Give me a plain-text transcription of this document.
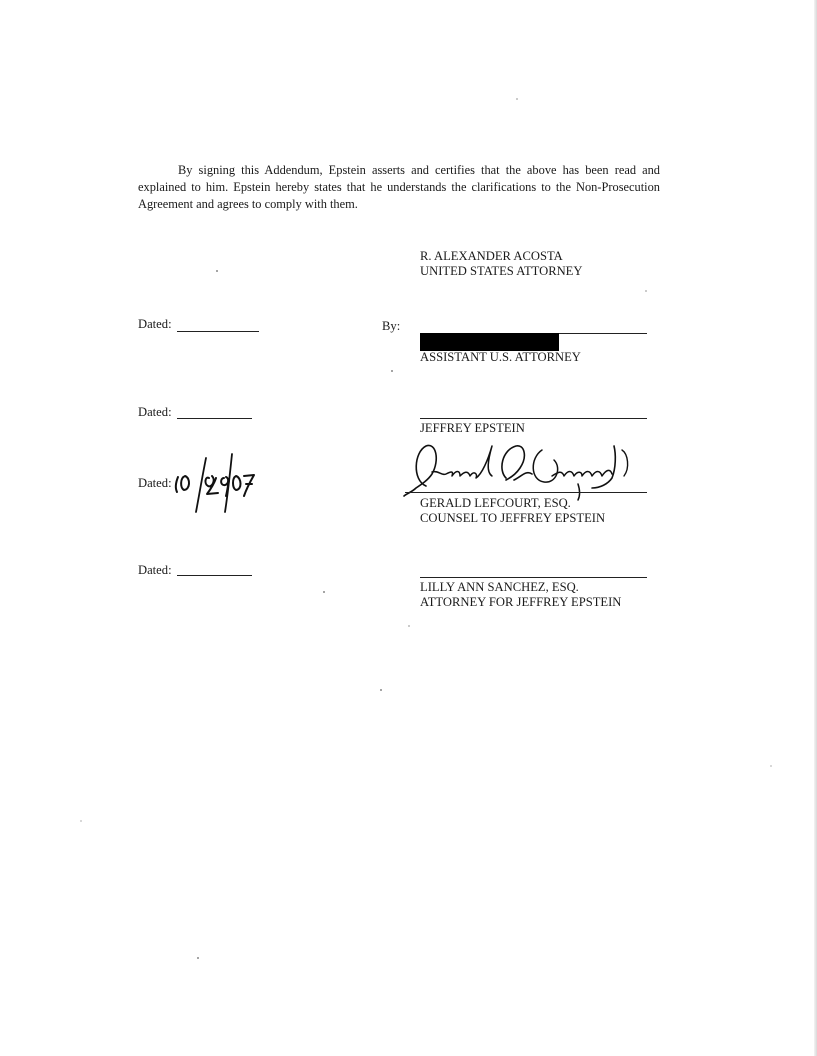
By signing this Addendum, Epstein asserts and certifies that the above has been read and explained to him. Epstein hereby states that he understands the clarifications to the Non-Prosecution Agreement and agrees to comply with them.

R. ALEXANDER ACOSTA
UNITED STATES ATTORNEY
Dated:	By:
ASSISTANT U.S. ATTORNEY
Dated:
JEFFREY EPSTEIN
Dated:
GERALD LEFCOURT, ESQ.
COUNSEL TO JEFFREY EPSTEIN
Dated:
LILLY ANN SANCHEZ, ESQ.
ATTORNEY FOR JEFFREY EPSTEIN
